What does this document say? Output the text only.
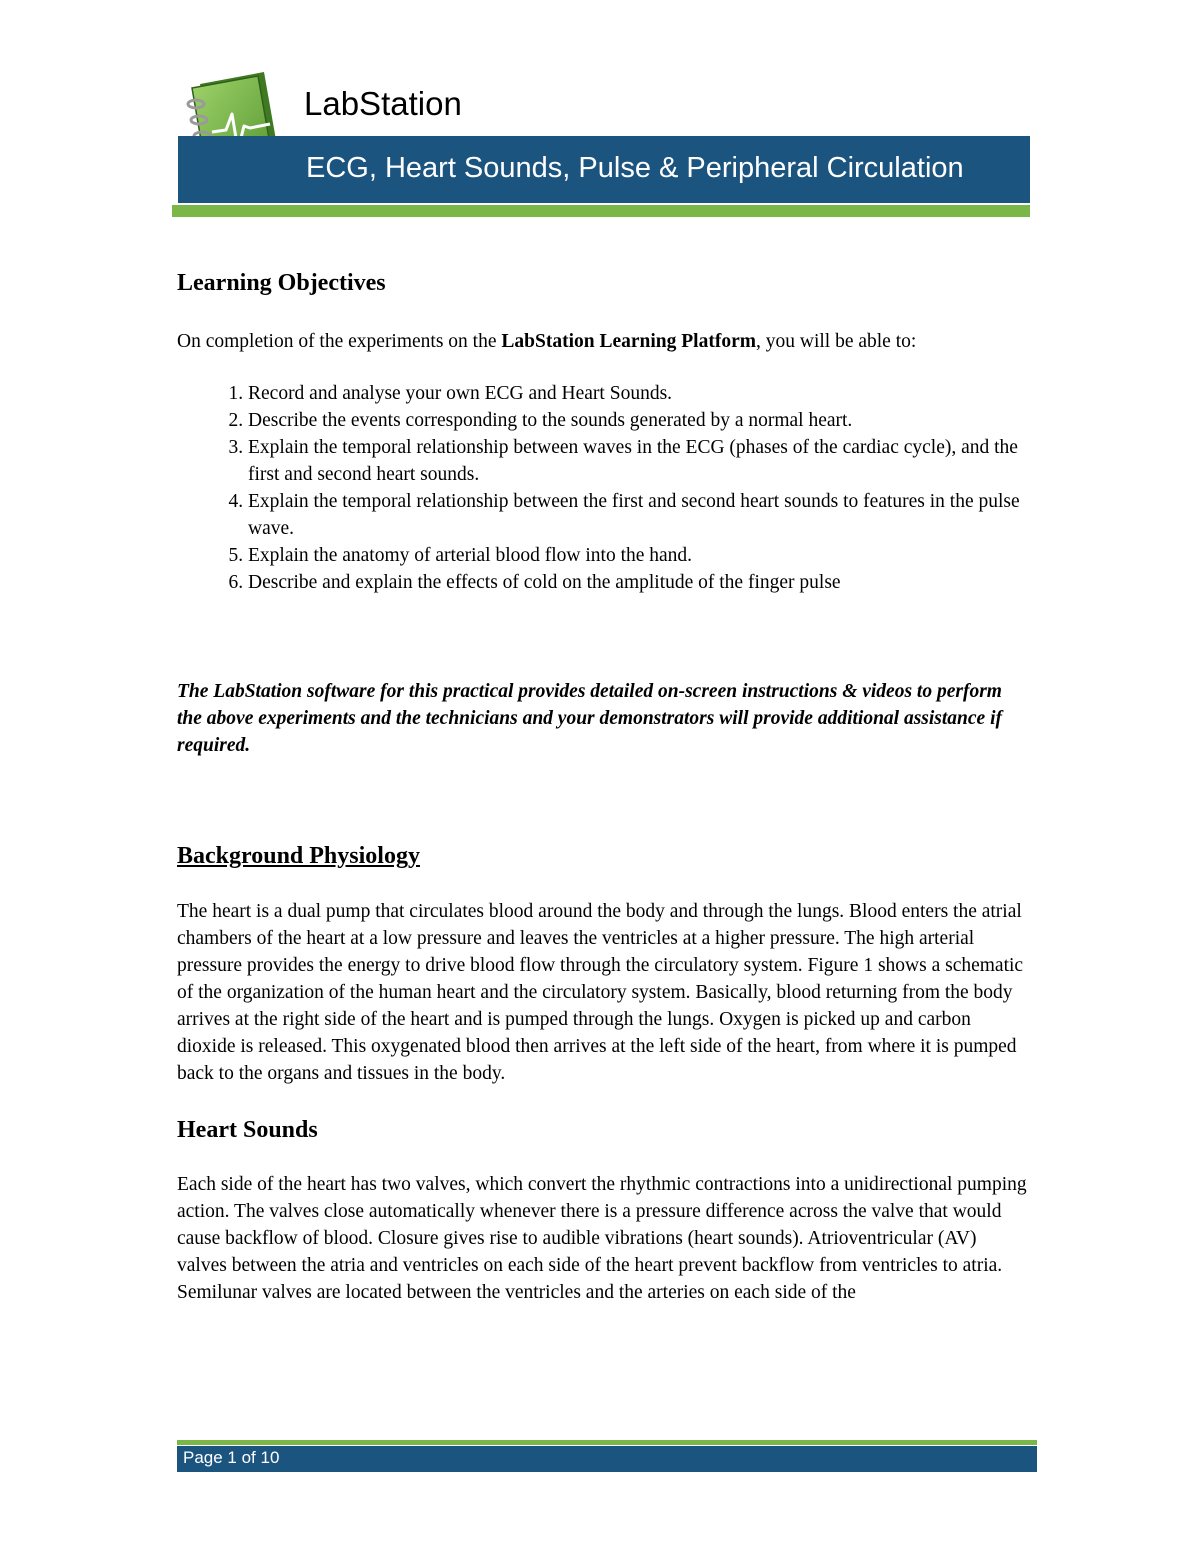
LabStation
ECG, Heart Sounds, Pulse & Peripheral Circulation
Learning Objectives

On completion of the experiments on the LabStation Learning Platform, you will be able to:

1. Record and analyse your own ECG and Heart Sounds.
2. Describe the events corresponding to the sounds generated by a normal heart.
3. Explain the temporal relationship between waves in the ECG (phases of the cardiac cycle), and the first and second heart sounds.
4. Explain the temporal relationship between the first and second heart sounds to features in the pulse wave.
5. Explain the anatomy of arterial blood flow into the hand.
6. Describe and explain the effects of cold on the amplitude of the finger pulse

The LabStation software for this practical provides detailed on-screen instructions & videos to perform the above experiments and the technicians and your demonstrators will provide additional assistance if required.

Background Physiology

The heart is a dual pump that circulates blood around the body and through the lungs. Blood enters the atrial chambers of the heart at a low pressure and leaves the ventricles at a higher pressure. The high arterial pressure provides the energy to drive blood flow through the circulatory system. Figure 1 shows a schematic of the organization of the human heart and the circulatory system. Basically, blood returning from the body arrives at the right side of the heart and is pumped through the lungs. Oxygen is picked up and carbon dioxide is released. This oxygenated blood then arrives at the left side of the heart, from where it is pumped back to the organs and tissues in the body.

Heart Sounds

Each side of the heart has two valves, which convert the rhythmic contractions into a unidirectional pumping action. The valves close automatically whenever there is a pressure difference across the valve that would cause backflow of blood. Closure gives rise to audible vibrations (heart sounds). Atrioventricular (AV) valves between the atria and ventricles on each side of the heart prevent backflow from ventricles to atria. Semilunar valves are located between the ventricles and the arteries on each side of the

Page 1 of 10
